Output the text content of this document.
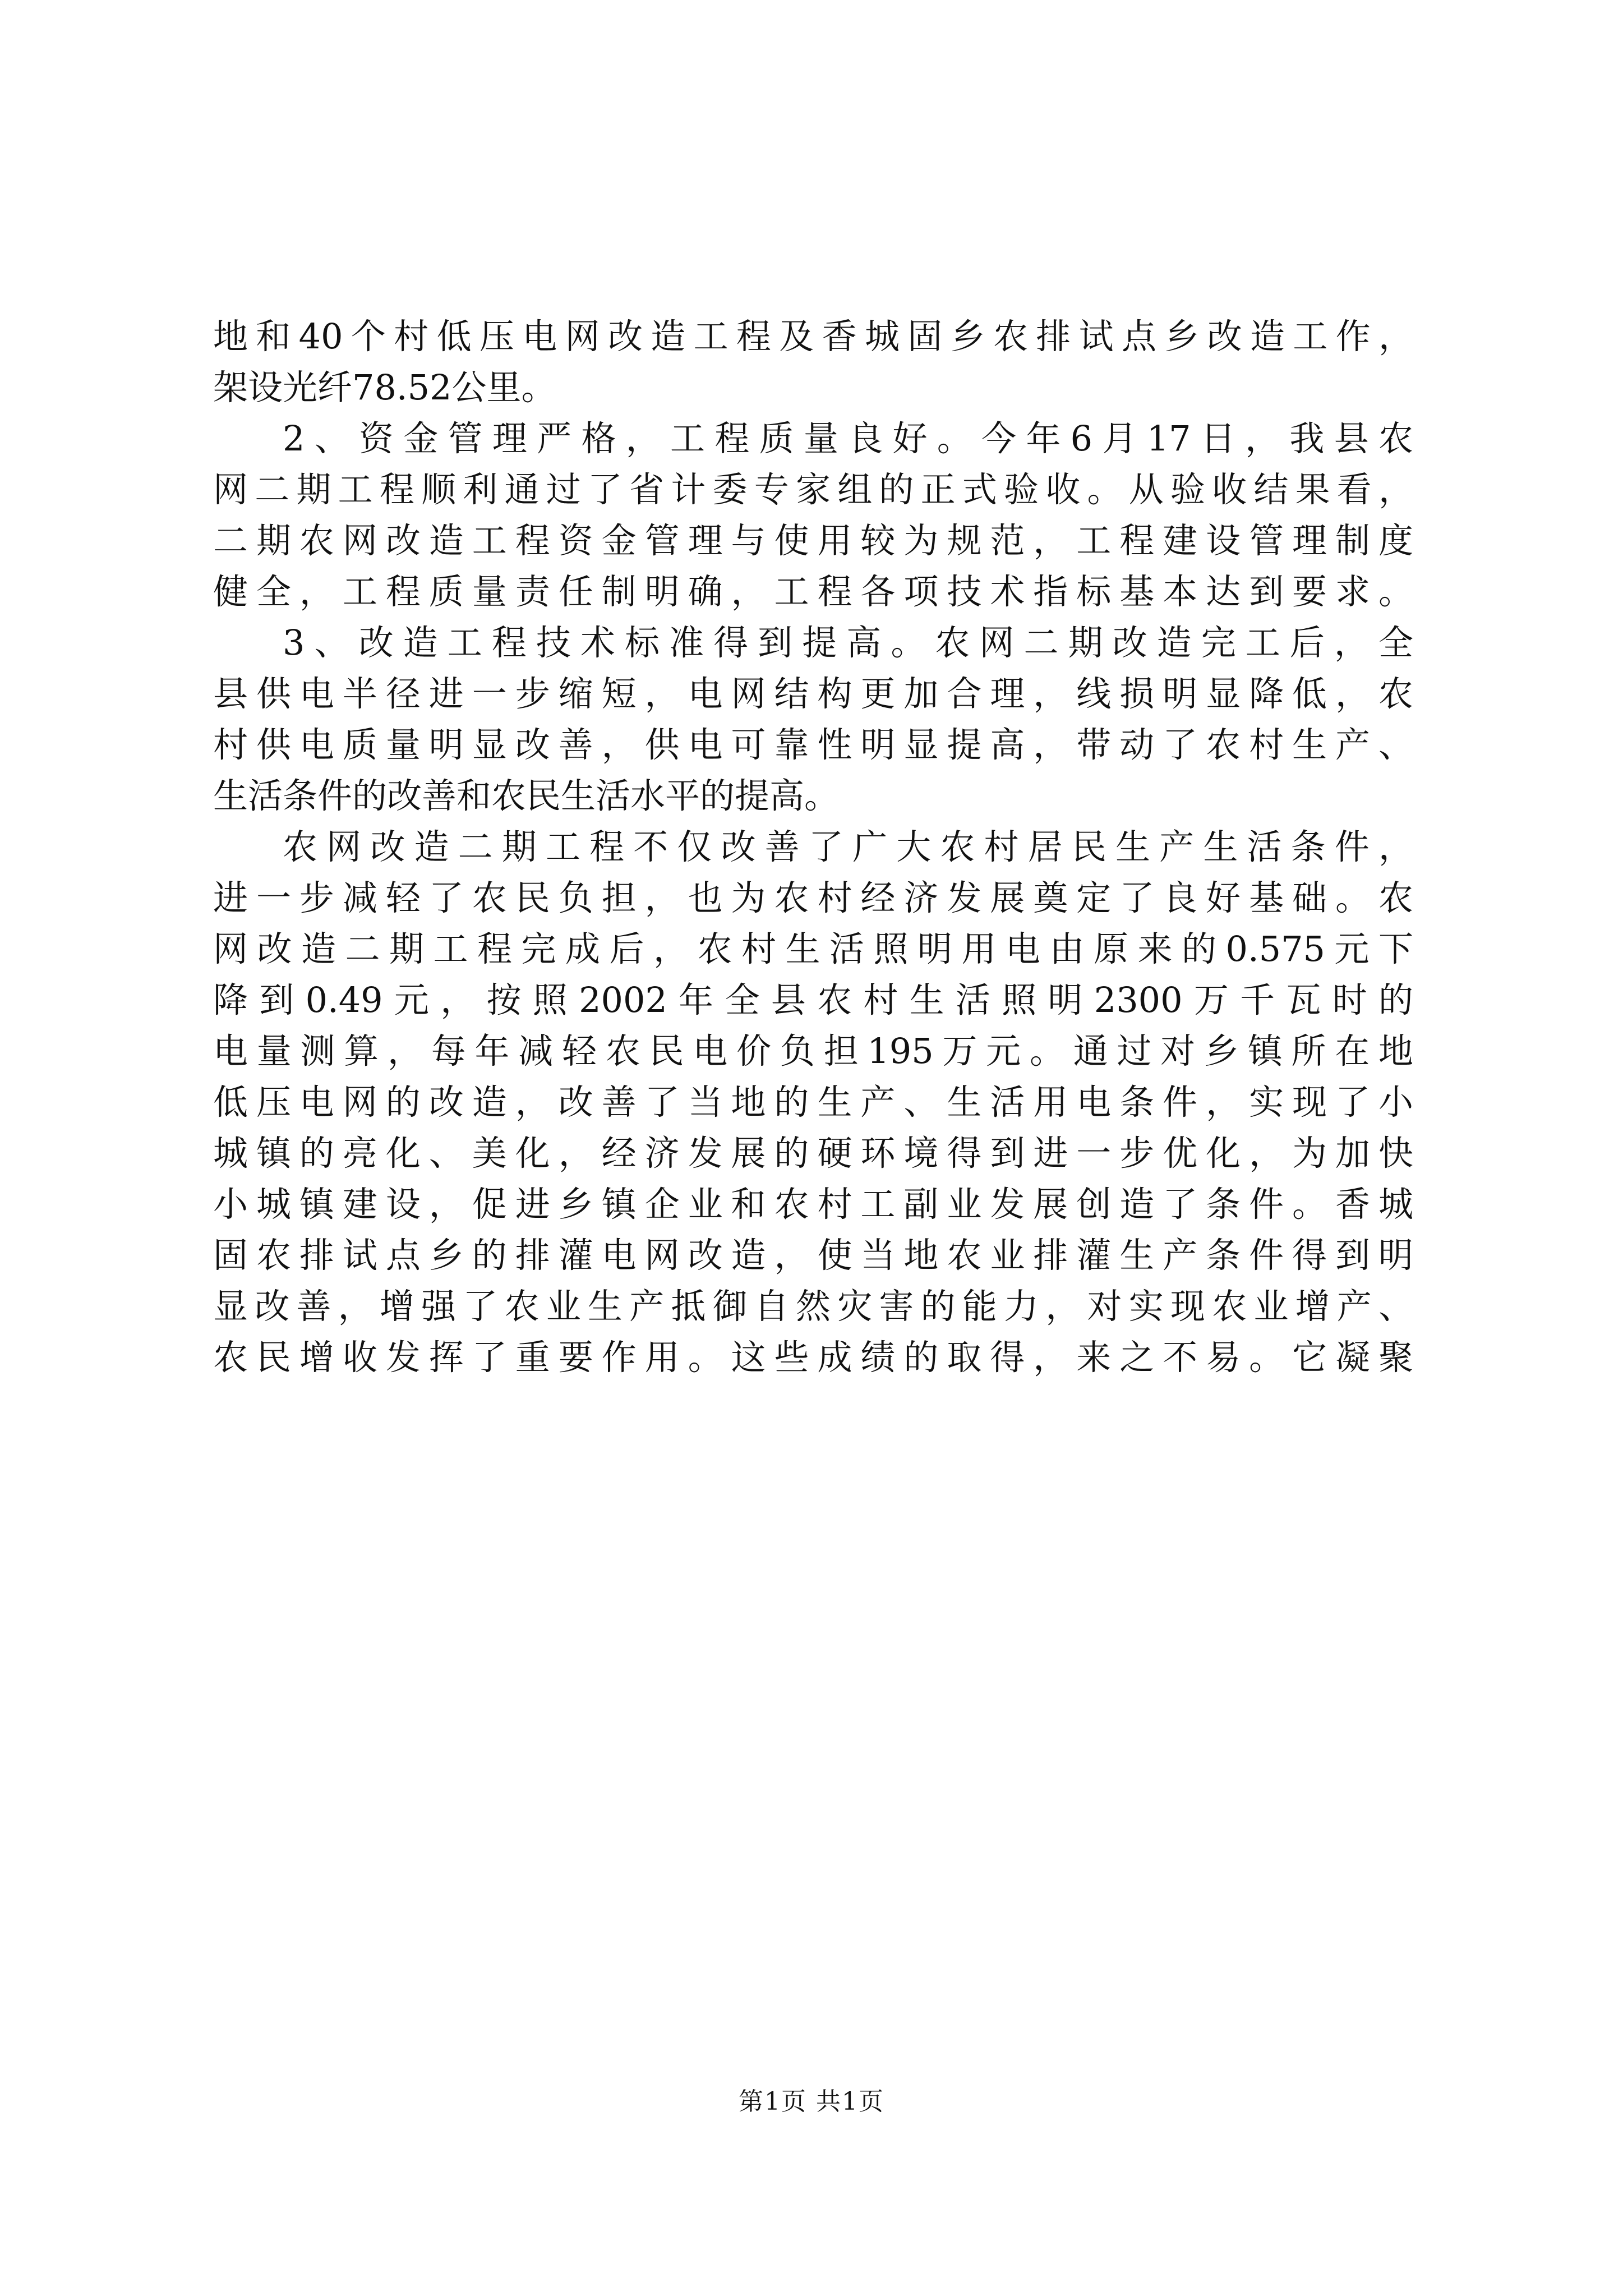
地和40个村低压电网改造工程及香城固乡农排试点乡改造工作，
架设光纤78.52公里。
2、资金管理严格，工程质量良好。今年6月17日，我县农
网二期工程顺利通过了省计委专家组的正式验收。从验收结果看，
二期农网改造工程资金管理与使用较为规范，工程建设管理制度
健全，工程质量责任制明确，工程各项技术指标基本达到要求。
3、改造工程技术标准得到提高。农网二期改造完工后，全
县供电半径进一步缩短，电网结构更加合理，线损明显降低，农
村供电质量明显改善，供电可靠性明显提高，带动了农村生产、
生活条件的改善和农民生活水平的提高。
农网改造二期工程不仅改善了广大农村居民生产生活条件，
进一步减轻了农民负担，也为农村经济发展奠定了良好基础。农
网改造二期工程完成后，农村生活照明用电由原来的0.575元下
降到0.49元，按照2002年全县农村生活照明2300万千瓦时的
电量测算，每年减轻农民电价负担195万元。通过对乡镇所在地
低压电网的改造，改善了当地的生产、生活用电条件，实现了小
城镇的亮化、美化，经济发展的硬环境得到进一步优化，为加快
小城镇建设，促进乡镇企业和农村工副业发展创造了条件。香城
固农排试点乡的排灌电网改造，使当地农业排灌生产条件得到明
显改善，增强了农业生产抵御自然灾害的能力，对实现农业增产、
农民增收发挥了重要作用。这些成绩的取得，来之不易。它凝聚
第1页 共1页
